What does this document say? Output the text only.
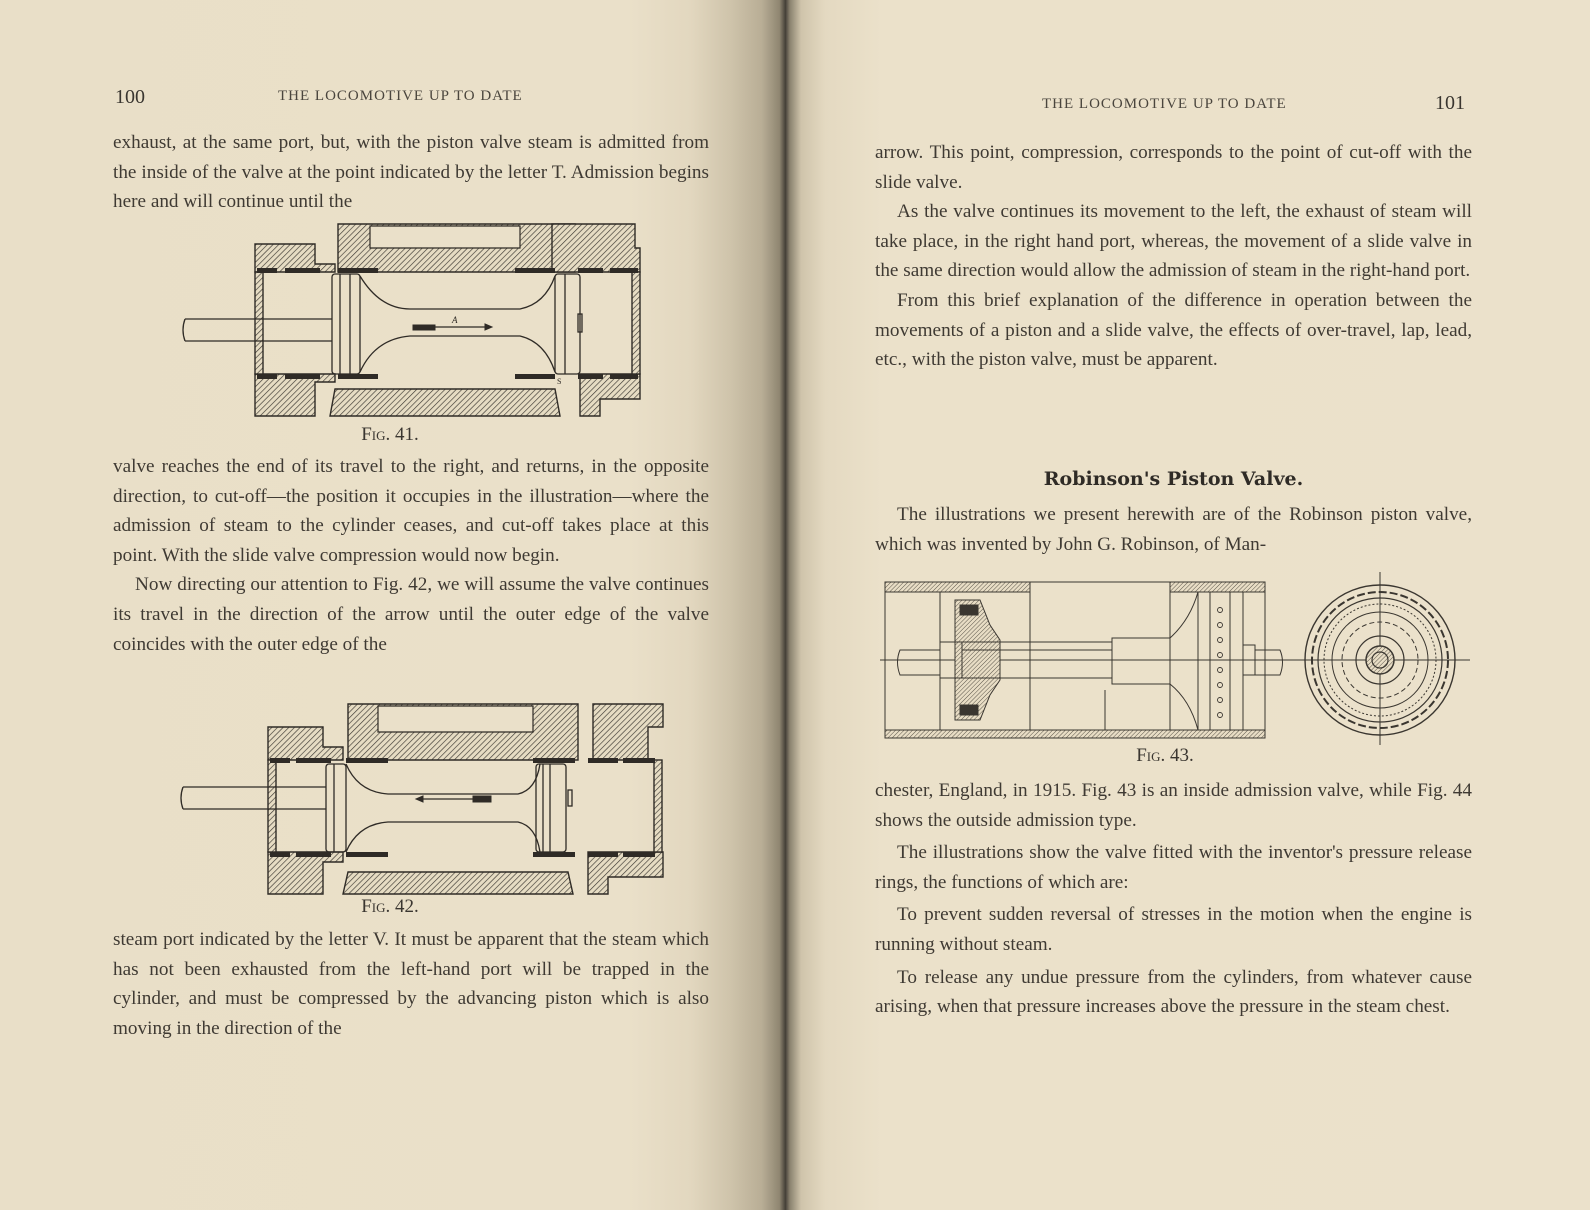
100	THE LOCOMOTIVE UP TO DATE

exhaust, at the same port, but, with the piston valve steam is admitted from the inside of the valve at the point indicated by the letter T. Admission begins here and will continue until the

A
S
Fig. 41.

valve reaches the end of its travel to the right, and returns, in the opposite direction, to cut-off—the position it occupies in the illustration—where the admission of steam to the cylinder ceases, and cut-off takes place at this point. With the slide valve compression would now begin.

Now directing our attention to Fig. 42, we will assume the valve continues its travel in the direction of the arrow until the outer edge of the valve coincides with the outer edge of the

Fig. 42.

steam port indicated by the letter V. It must be apparent that the steam which has not been exhausted from the left-hand port will be trapped in the cylinder, and must be compressed by the advancing piston which is also moving in the direction of the

THE LOCOMOTIVE UP TO DATE	101

arrow. This point, compression, corresponds to the point of cut-off with the slide valve.

As the valve continues its movement to the left, the exhaust of steam will take place, in the right hand port, whereas, the movement of a slide valve in the same direction would allow the admission of steam in the right-hand port.

From this brief explanation of the difference in operation between the movements of a piston and a slide valve, the effects of over-travel, lap, lead, etc., with the piston valve, must be apparent.

Robinson's Piston Valve.

The illustrations we present herewith are of the Robinson piston valve, which was invented by John G. Robinson, of Man-

Fig. 43.

chester, England, in 1915. Fig. 43 is an inside admission valve, while Fig. 44 shows the outside admission type.

The illustrations show the valve fitted with the inventor's pressure release rings, the functions of which are:

To prevent sudden reversal of stresses in the motion when the engine is running without steam.

To release any undue pressure from the cylinders, from whatever cause arising, when that pressure increases above the pressure in the steam chest.
